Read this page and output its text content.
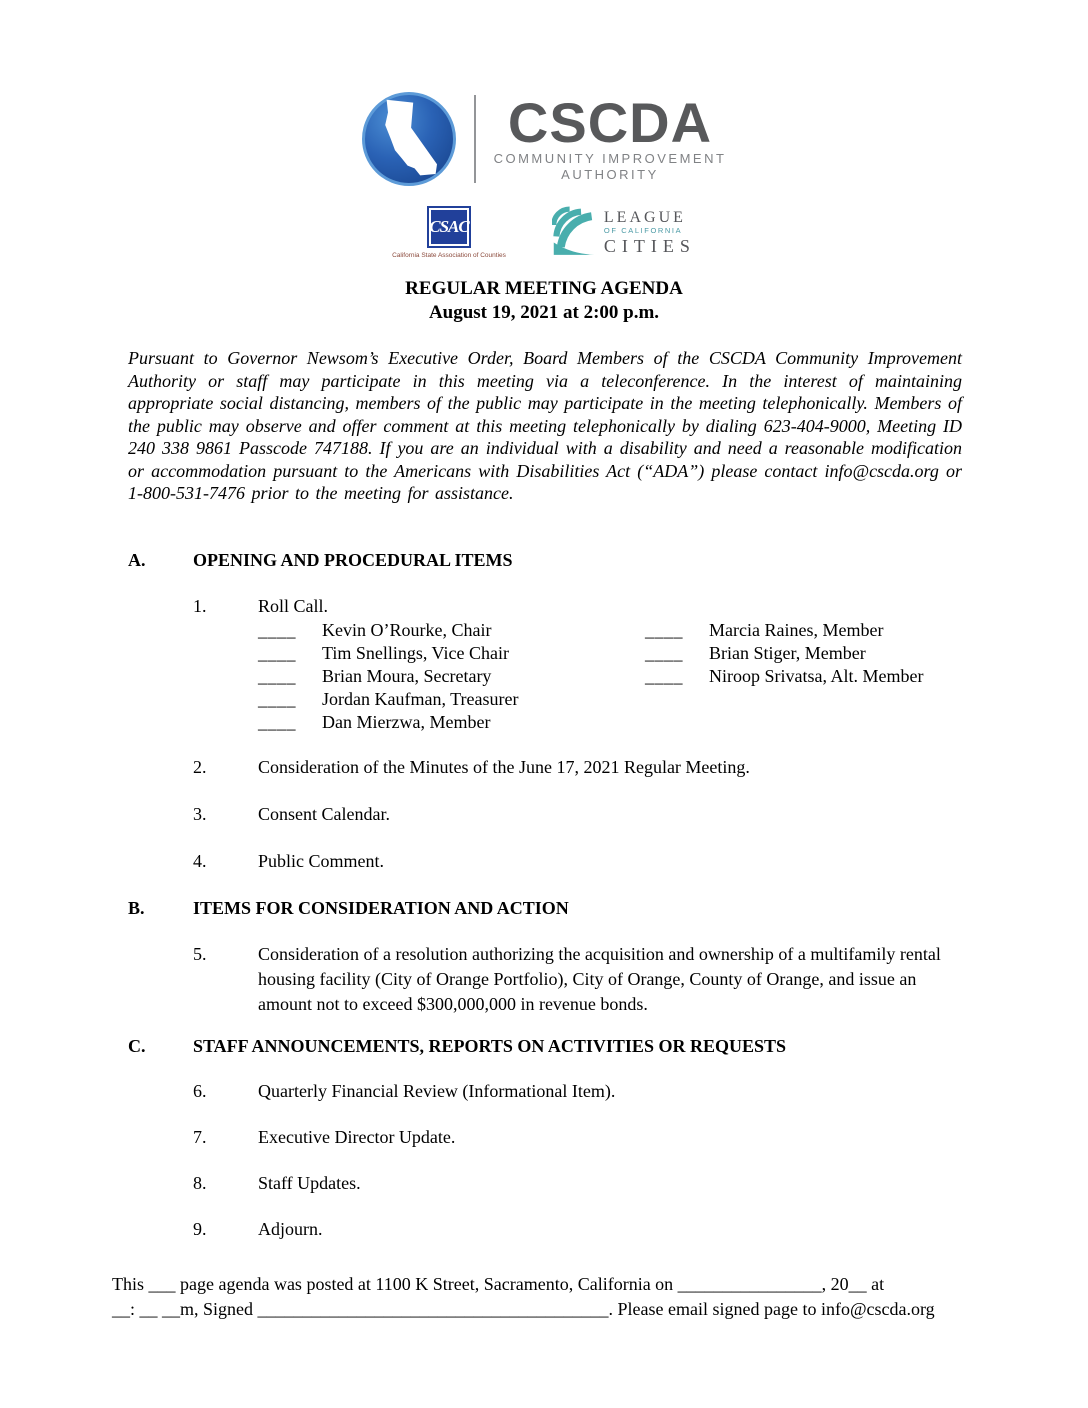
CSCDA
COMMUNITY IMPROVEMENT
AUTHORITY
CSAC
California State Association of Counties
LEAGUE
OF CALIFORNIA
CITIES
REGULAR MEETING AGENDA
August 19, 2021 at 2:00 p.m.

Pursuant to Governor Newsom’s Executive Order, Board Members of the CSCDA Community Improvement Authority or staff may participate in this meeting via a teleconference. In the interest of maintaining appropriate social distancing, members of the public may participate in the meeting telephonically. Members of the public may observe and offer comment at this meeting telephonically by dialing 623-404-9000, Meeting ID 240 338 9861 Passcode 747188. If you are an individual with a disability and need a reasonable modification or accommodation pursuant to the Americans with Disabilities Act (“ADA”) please contact info@cscda.org or 1-800-531-7476 prior to the meeting for assistance.

A.	OPENING AND PROCEDURAL ITEMS
1.	Roll Call.
____ Kevin O’Rourke, Chair
____ Tim Snellings, Vice Chair
____ Brian Moura, Secretary
____ Jordan Kaufman, Treasurer
____ Dan Mierzwa, Member
____ Marcia Raines, Member
____ Brian Stiger, Member
____ Niroop Srivatsa, Alt. Member
2.	Consideration of the Minutes of the June 17, 2021 Regular Meeting.
3.	Consent Calendar.
4.	Public Comment.
B.	ITEMS FOR CONSIDERATION AND ACTION
5.	Consideration of a resolution authorizing the acquisition and ownership of a multifamily rental housing facility (City of Orange Portfolio), City of Orange, County of Orange, and issue an amount not to exceed $300,000,000 in revenue bonds.
C.	STAFF ANNOUNCEMENTS, REPORTS ON ACTIVITIES OR REQUESTS
6.	Quarterly Financial Review (Informational Item).
7.	Executive Director Update.
8.	Staff Updates.
9.	Adjourn.
This ___ page agenda was posted at 1100 K Street, Sacramento, California on ________________, 20__ at
__: __ __m, Signed _______________________________________. Please email signed page to info@cscda.org
